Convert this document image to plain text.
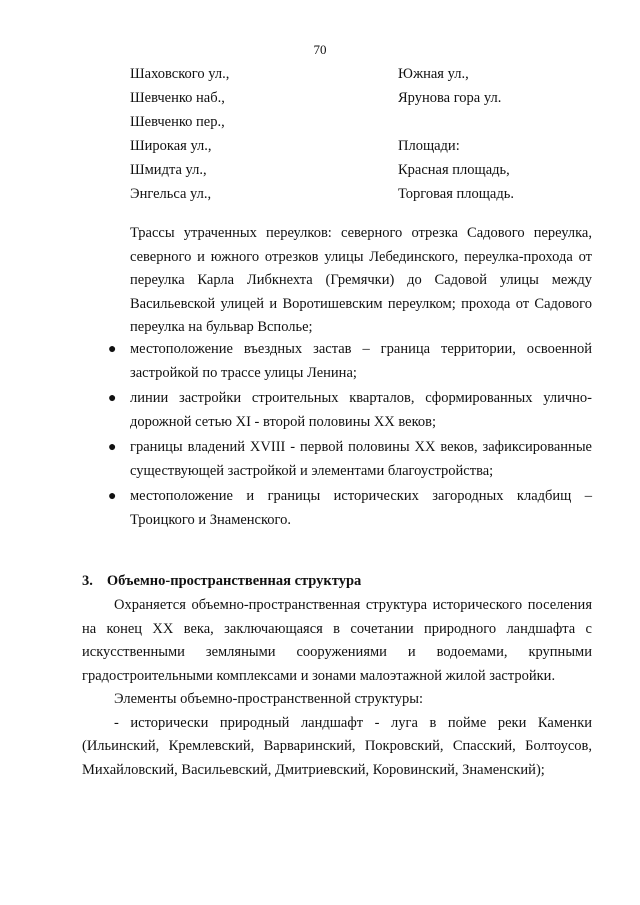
70
Шаховского ул.,
Шевченко наб.,
Шевченко пер.,
Широкая ул.,
Шмидта ул.,
Энгельса ул.,
Южная ул.,
Ярунова гора ул.
Площади:
Красная площадь,
Торговая площадь.
Трассы утраченных переулков: северного отрезка Садового переулка, северного и южного отрезков улицы Лебединского, переулка-прохода от переулка Карла Либкнехта (Гремячки) до Садовой улицы между Васильевской улицей и Воротишевским переулком; прохода от Садового переулка на бульвар Всполье;
● местоположение въездных застав – граница территории, освоенной застройкой по трассе улицы Ленина;
● линии застройки строительных кварталов, сформированных улично-дорожной сетью XI - второй половины XX веков;
● границы владений XVIII - первой половины XX веков, зафиксированные существующей застройкой и элементами благоустройства;
● местоположение и границы исторических загородных кладбищ – Троицкого и Знаменского.
3. Объемно-пространственная структура

Охраняется объемно-пространственная структура исторического поселения на конец XX века, заключающаяся в сочетании природного ландшафта с искусственными земляными сооружениями и водоемами, крупными градостроительными комплексами и зонами малоэтажной жилой застройки.

Элементы объемно-пространственной структуры:

- исторически природный ландшафт - луга в пойме реки Каменки (Ильинский, Кремлевский, Варваринский, Покровский, Спасский, Болтоусов, Михайловский, Васильевский, Дмитриевский, Коровинский, Знаменский);
